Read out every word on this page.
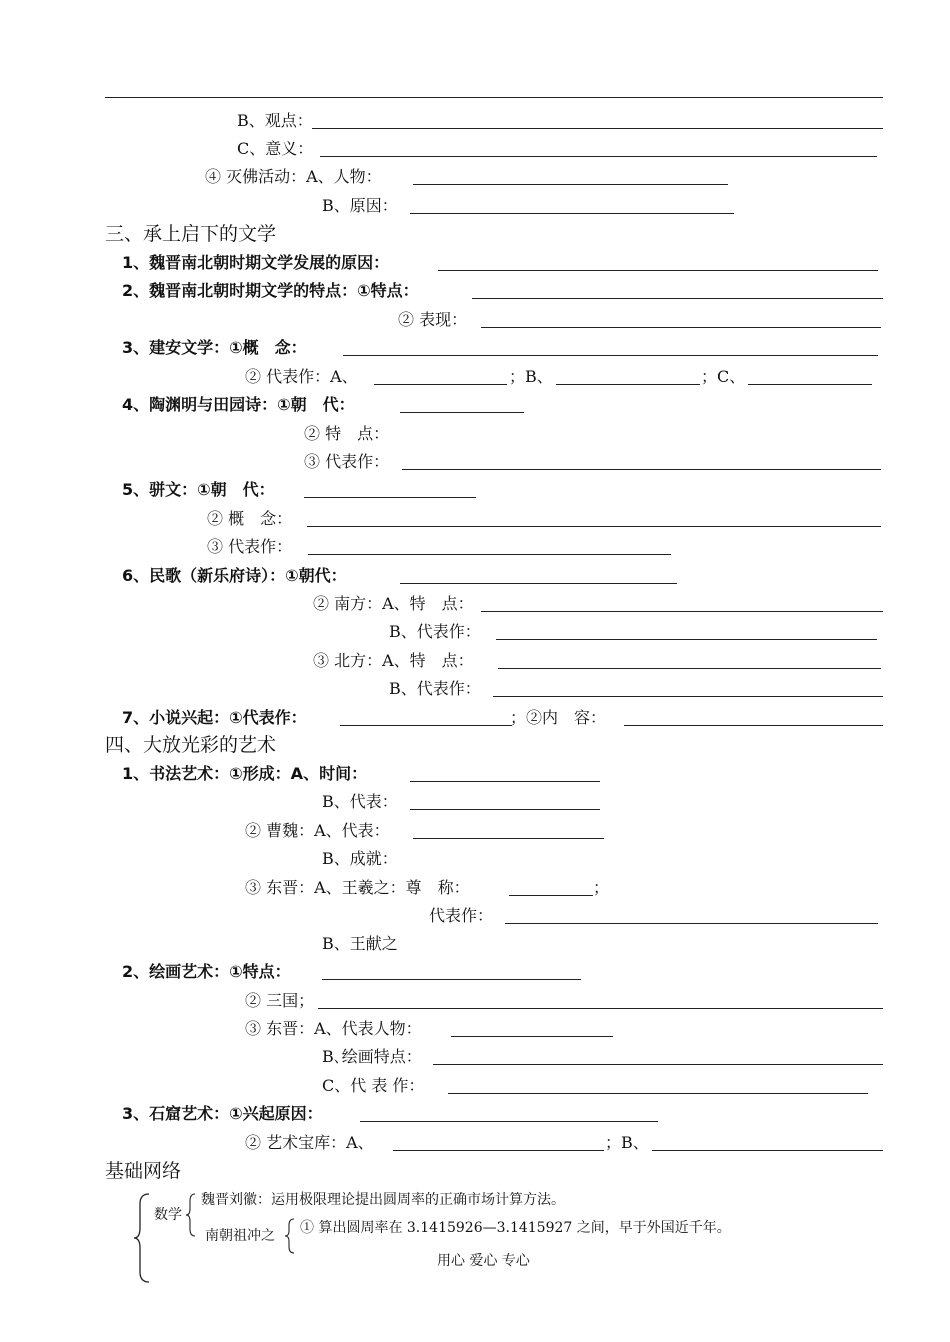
B、观点：
C、意义：
④ 灭佛活动：A、人物：
B、原因：
三、承上启下的文学
1、魏晋南北朝时期文学发展的原因：
2、魏晋南北朝时期文学的特点：①特点：
② 表现：
3、建安文学：①概　念：
② 代表作：A、	；B、	；C、
4、陶渊明与田园诗：①朝　代：
② 特　点：
③ 代表作：
5、骈文：①朝　代：
② 概　念：
③ 代表作：
6、民歌（新乐府诗）：①朝代：
② 南方：A、特　点：
B、代表作：
③ 北方：A、特　点：
B、代表作：
7、小说兴起：①代表作：	；②内　容：
四、大放光彩的艺术
1、书法艺术：①形成：A、时间：
B、代表：
② 曹魏：A、代表：
B、成就：
③ 东晋：A、王羲之：尊　称：	；
代表作：
B、王献之
2、绘画艺术：①特点：
② 三国；
③ 东晋：A、代表人物：
B､绘画特点：
C、代 表 作：
3、石窟艺术：①兴起原因：
② 艺术宝库：A、	；B、
基础网络
数学
魏晋刘徽：运用极限理论提出圆周率的正确市场计算方法。
南朝祖冲之 ① 算出圆周率在 3.1415926—3.1415927 之间，早于外国近千年。
用心 爱心 专心
